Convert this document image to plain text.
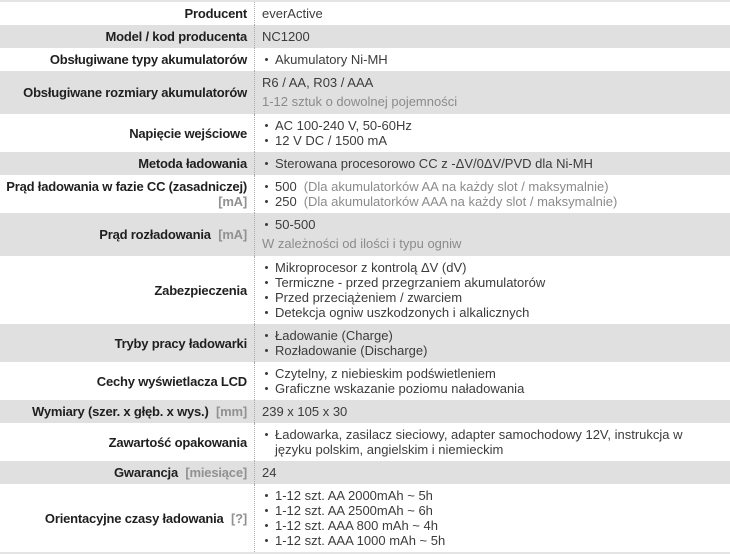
Producent everActive
Model / kod producenta NC1200
Obsługiwane typy akumulatorów Akumulatory Ni-MH
Obsługiwane rozmiary akumulatorów
R6 / AA, R03 / AAA
1-12 sztuk o dowolnej pojemności
Napięcie wejściowe AC 100-240 V, 50-60Hz
12 V DC / 1500 mA
Metoda ładowania Sterowana procesorowo CC z -ΔV/0ΔV/PVD dla Ni-MH
Prąd ładowania w fazie CC (zasadniczej) [mA]
500 (Dla akumulatorków AA na każdy slot / maksymalnie)
250 (Dla akumulatorków AAA na każdy slot / maksymalnie)
Prąd rozładowania [mA]
50-500
W zależności od ilości i typu ogniw
Zabezpieczenia
Mikroprocesor z kontrolą ΔV (dV)
Termiczne - przed przegrzaniem akumulatorów
Przed przeciążeniem / zwarciem
Detekcja ogniw uszkodzonych i alkalicznych
Tryby pracy ładowarki Ładowanie (Charge)
Rozładowanie (Discharge)
Cechy wyświetlacza LCD Czytelny, z niebieskim podświetleniem
Graficzne wskazanie poziomu naładowania
Wymiary (szer. x głęb. x wys.) [mm] 239 x 105 x 30
Zawartość opakowania Ładowarka, zasilacz sieciowy, adapter samochodowy 12V, instrukcja w języku polskim, angielskim i niemieckim
Gwarancja [miesiące] 24
Orientacyjne czasy ładowania [?]
1-12 szt. AA 2000mAh ~ 5h
1-12 szt. AA 2500mAh ~ 6h
1-12 szt. AAA 800 mAh ~ 4h
1-12 szt. AAA 1000 mAh ~ 5h
